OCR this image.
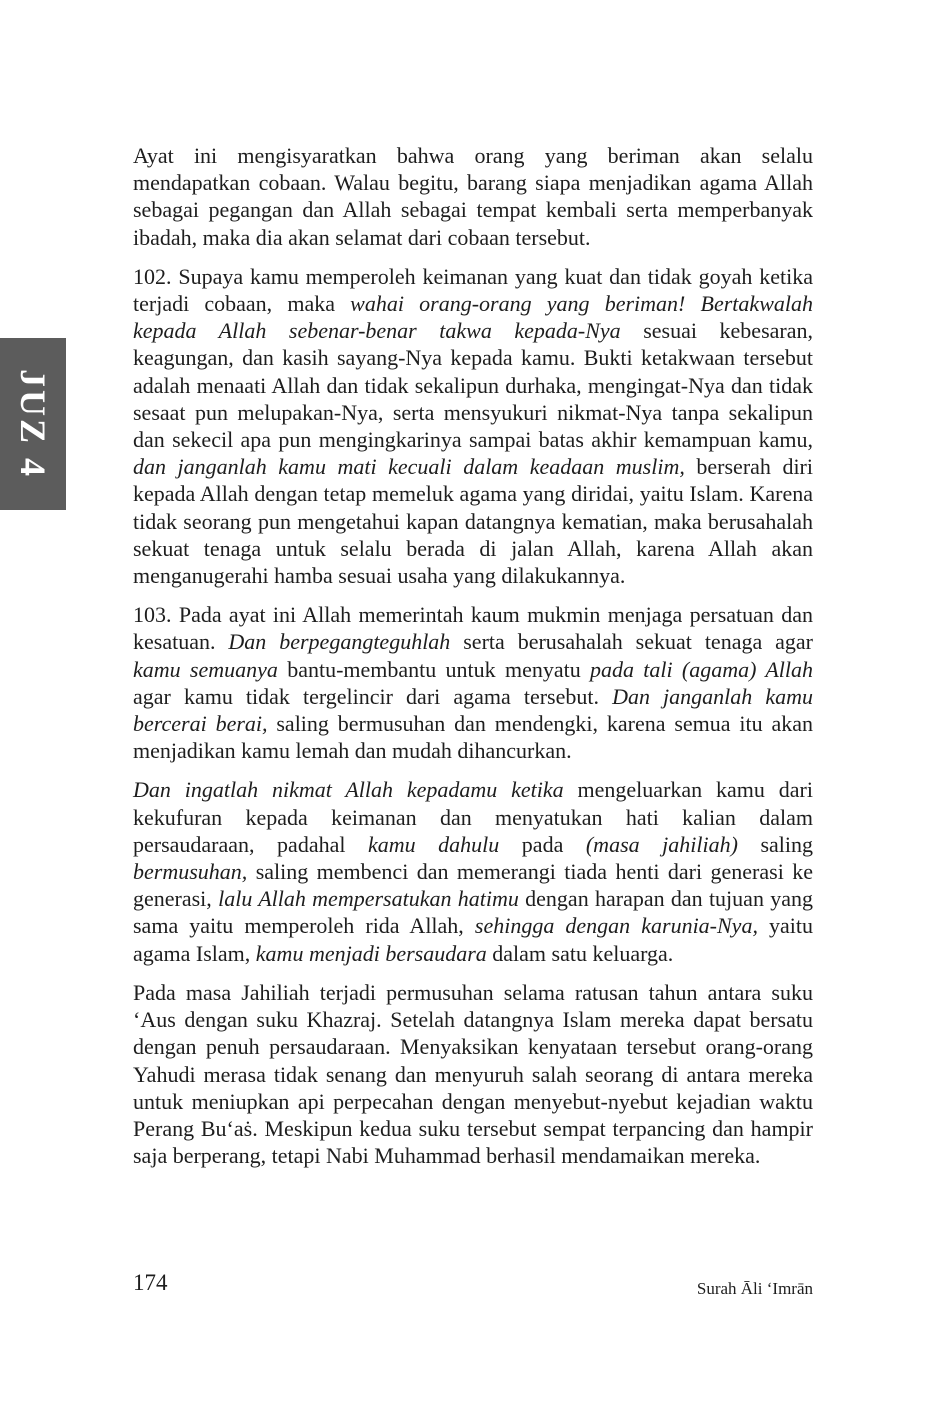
JUZ 4

Ayat ini mengisyaratkan bahwa orang yang beriman akan selalu mendapatkan cobaan. Walau begitu, barang siapa menjadikan agama Allah sebagai pegangan dan Allah sebagai tempat kembali serta memperbanyak ibadah, maka dia akan selamat dari cobaan tersebut.

102. Supaya kamu memperoleh keimanan yang kuat dan tidak goyah ketika terjadi cobaan, maka wahai orang-orang yang beriman! Bertakwalah kepada Allah sebenar-benar takwa kepada-Nya sesuai kebesaran, keagungan, dan kasih sayang-Nya kepada kamu. Bukti ketakwaan tersebut adalah menaati Allah dan tidak sekalipun durhaka, mengingat-Nya dan tidak sesaat pun melupakan-Nya, serta mensyukuri nikmat-Nya tanpa sekalipun dan sekecil apa pun mengingkarinya sampai batas akhir kemampuan kamu, dan janganlah kamu mati kecuali dalam keadaan muslim, berserah diri kepada Allah dengan tetap memeluk agama yang diridai, yaitu Islam. Karena tidak seorang pun mengetahui kapan datangnya kematian, maka berusahalah sekuat tenaga untuk selalu berada di jalan Allah, karena Allah akan menganugerahi hamba sesuai usaha yang dilakukannya.

103. Pada ayat ini Allah memerintah kaum mukmin menjaga persatuan dan kesatuan. Dan berpegangteguhlah serta berusahalah sekuat tenaga agar kamu semuanya bantu-membantu untuk menyatu pada tali (agama) Allah agar kamu tidak tergelincir dari agama tersebut. Dan janganlah kamu bercerai berai, saling bermusuhan dan mendengki, karena semua itu akan menjadikan kamu lemah dan mudah dihancurkan.

Dan ingatlah nikmat Allah kepadamu ketika mengeluarkan kamu dari kekufuran kepada keimanan dan menyatukan hati kalian dalam persaudaraan, padahal kamu dahulu pada (masa jahiliah) saling bermusuhan, saling membenci dan memerangi tiada henti dari generasi ke generasi, lalu Allah mempersatukan hatimu dengan harapan dan tujuan yang sama yaitu memperoleh rida Allah, sehingga dengan karunia-Nya, yaitu agama Islam, kamu menjadi bersaudara dalam satu keluarga.

Pada masa Jahiliah terjadi permusuhan selama ratusan tahun antara suku ʻAus dengan suku Khazraj. Setelah datangnya Islam mereka dapat bersatu dengan penuh persaudaraan. Menyaksikan kenyataan tersebut orang-orang Yahudi merasa tidak senang dan menyuruh salah seorang di antara mereka untuk meniupkan api perpecahan dengan menyebut-nyebut kejadian waktu Perang Buʻaṡ. Meskipun kedua suku tersebut sempat terpancing dan hampir saja berperang, tetapi Nabi Muhammad berhasil mendamaikan mereka.

174	Surah Āli ʻImrān
